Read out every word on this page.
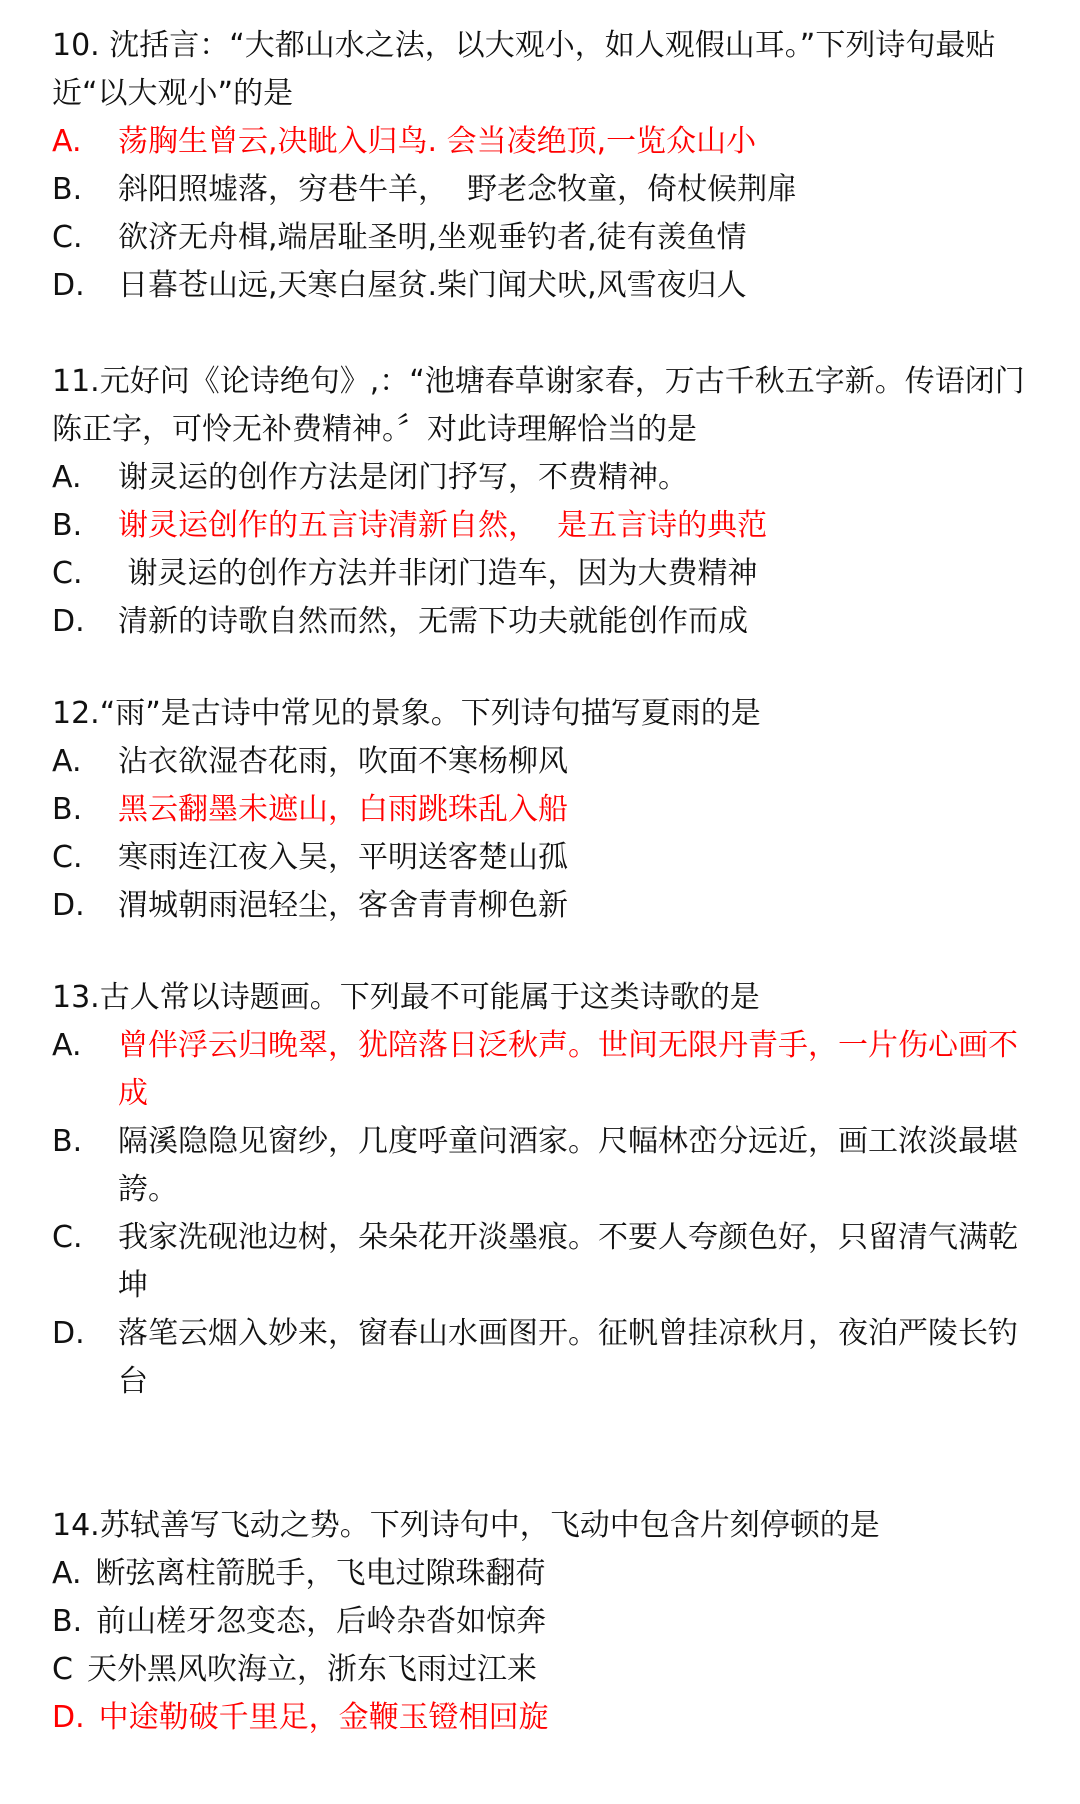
10. 沈括言：“大都山水之法，以大观小，如人观假山耳。”下列诗句最贴近“以大观小”的是

A.	荡胸生曾云,决眦入归鸟. 会当凌绝顶,一览众山小
B.	斜阳照墟落，穷巷牛羊，  野老念牧童，倚杖候荆扉
C.	欲济无舟楫,端居耻圣明,坐观垂钓者,徒有羡鱼情
D.	日暮苍山远,天寒白屋贫.柴门闻犬吠,风雪夜归人

11.元好问《论诗绝句》,：“池塘春草谢家春，万古千秋五字新。传语闭门陈正字，可怜无补费精神。〞对此诗理解恰当的是

A.	谢灵运的创作方法是闭门抒写，不费精神。
B.	谢灵运创作的五言诗清新自然，  是五言诗的典范
C.	谢灵运的创作方法并非闭门造车，因为大费精神
D.	清新的诗歌自然而然，无需下功夫就能创作而成

12.“雨”是古诗中常见的景象。下列诗句描写夏雨的是

A.	沾衣欲湿杏花雨，吹面不寒杨柳风
B.	黑云翻墨未遮山，白雨跳珠乱入船
C.	寒雨连江夜入吴，平明送客楚山孤
D.	渭城朝雨浥轻尘，客舍青青柳色新

13.古人常以诗题画。下列最不可能属于这类诗歌的是

A.	曾伴浮云归晚翠，犹陪落日泛秋声。世间无限丹青手，一片伤心画不成
B.	隔溪隐隐见窗纱，几度呼童问酒家。尺幅林峦分远近，画工浓淡最堪誇。
C.	我家洗砚池边树，朵朵花开淡墨痕。不要人夸颜色好，只留清气满乾坤
D.	落笔云烟入妙来，窗春山水画图开。征帆曾挂凉秋月，夜泊严陵长钓台

14.苏轼善写飞动之势。下列诗句中，飞动中包含片刻停顿的是

A. 断弦离柱箭脱手，飞电过隙珠翻荷
B. 前山槎牙忽变态，后岭杂沓如惊奔
C 天外黑风吹海立，浙东飞雨过江来
D. 中途勒破千里足，金鞭玉镫相回旋
